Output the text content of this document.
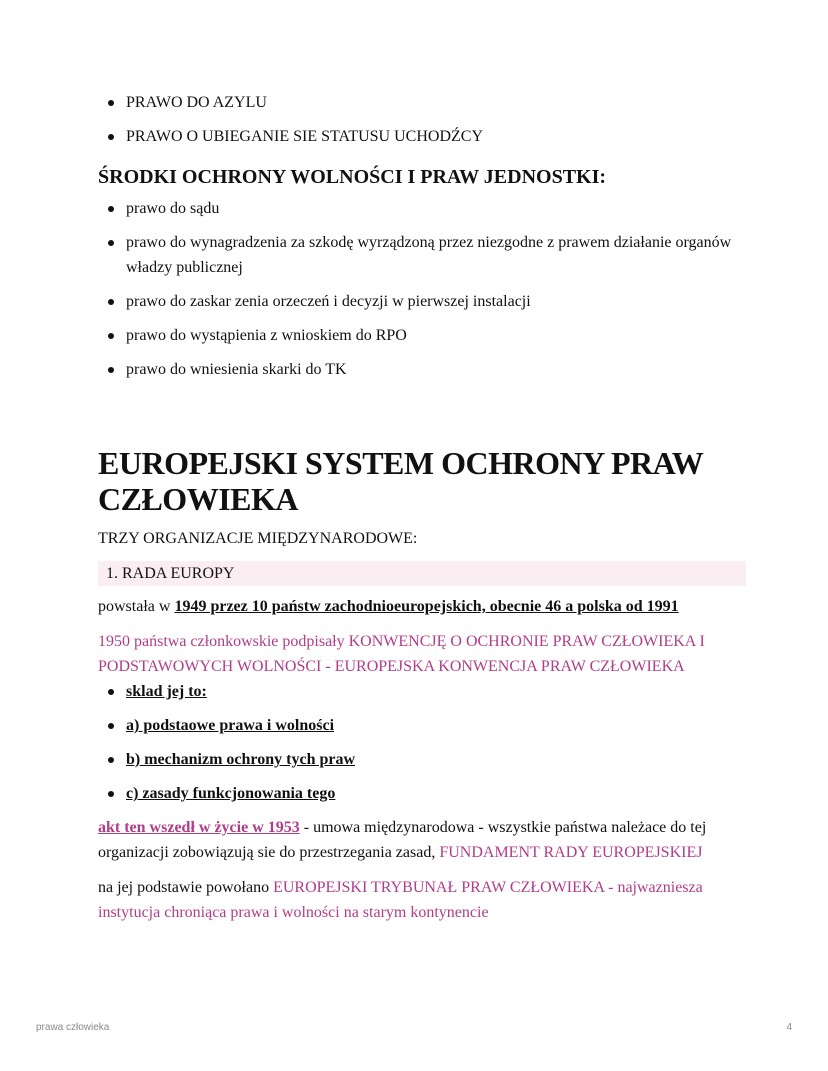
PRAWO DO AZYLU
PRAWO O UBIEGANIE SIE STATUSU UCHODŹCY
ŚRODKI OCHRONY WOLNOŚCI I PRAW JEDNOSTKI:
prawo do sądu
prawo do wynagradzenia za szkodę wyrządzoną przez niezgodne z prawem działanie organów władzy publicznej
prawo do zaskar zenia orzeczeń i decyzji w pierwszej instalacji
prawo do wystąpienia z wnioskiem do RPO
prawo do wniesienia skarki do TK
EUROPEJSKI SYSTEM OCHRONY PRAW CZŁOWIEKA

TRZY ORGANIZACJE MIĘDZYNARODOWE:

1. RADA EUROPY

powstała w 1949 przez 10 państw zachodnioeuropejskich, obecnie 46 a polska od 1991

1950 państwa członkowskie podpisały KONWENCJĘ O OCHRONIE PRAW CZŁOWIEKA I PODSTAWOWYCH WOLNOŚCI - EUROPEJSKA KONWENCJA PRAW CZŁOWIEKA

sklad jej to:
a) podstaowe prawa i wolności
b) mechanizm ochrony tych praw
c) zasady funkcjonowania tego

akt ten wszedł w życie w 1953 - umowa międzynarodowa - wszystkie państwa należace do tej organizacji zobowiązują sie do przestrzegania zasad, FUNDAMENT RADY EUROPEJSKIEJ

na jej podstawie powołano EUROPEJSKI TRYBUNAŁ PRAW CZŁOWIEKA - najwazniesza instytucja chroniąca prawa i wolności na starym kontynencie

prawa człowieka	4
